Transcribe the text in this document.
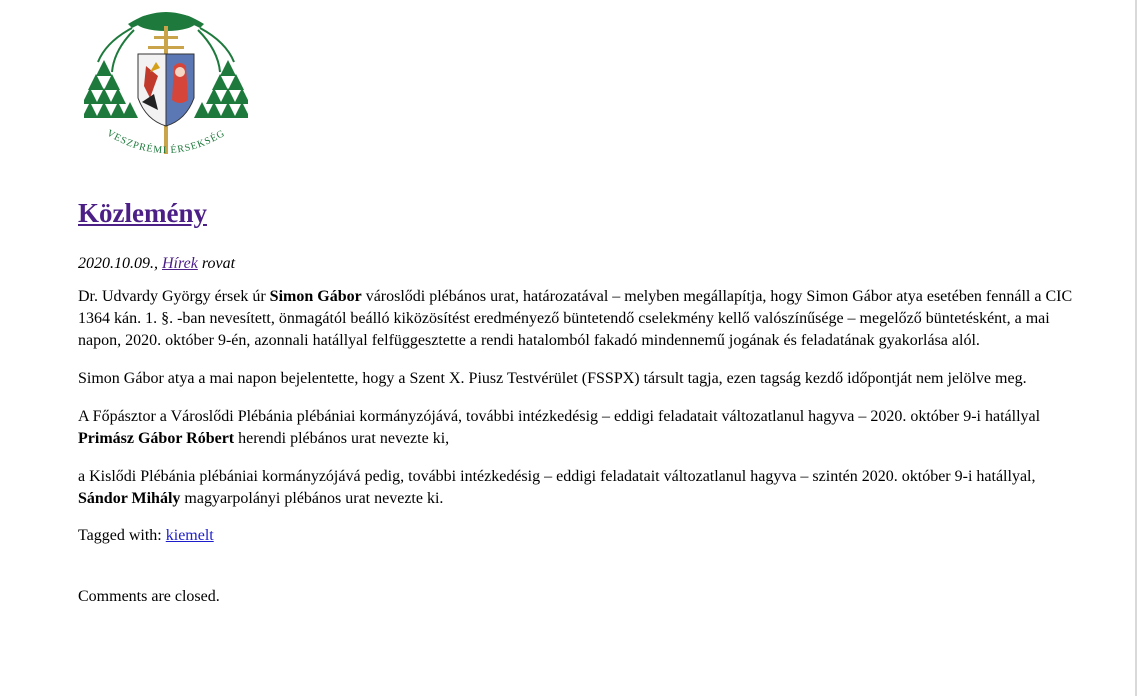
VESZPRÉMI ÉRSEKSÉG
Közlemény
2020.10.09., Hírek rovat

Dr. Udvardy György érsek úr Simon Gábor városlődi plébános urat, határozatával – melyben megállapítja, hogy Simon Gábor atya esetében fennáll a CIC 1364 kán. 1. §. -ban nevesített, önmagától beálló kiközösítést eredményező büntetendő cselekmény kellő valószínűsége – megelőző büntetésként, a mai napon, 2020. október 9-én, azonnali hatállyal felfüggesztette a rendi hatalomból fakadó mindennemű jogának és feladatának gyakorlása alól.

Simon Gábor atya a mai napon bejelentette, hogy a Szent X. Piusz Testvérület (FSSPX) társult tagja, ezen tagság kezdő időpontját nem jelölve meg.

A Főpásztor a Városlődi Plébánia plébániai kormányzójává, további intézkedésig – eddigi feladatait változatlanul hagyva – 2020. október 9-i hatállyal Primász Gábor Róbert herendi plébános urat nevezte ki,

a Kislődi Plébánia plébániai kormányzójává pedig, további intézkedésig – eddigi feladatait változatlanul hagyva – szintén 2020. október 9-i hatállyal, Sándor Mihály magyarpolányi plébános urat nevezte ki.

Tagged with: kiemelt
Comments are closed.
